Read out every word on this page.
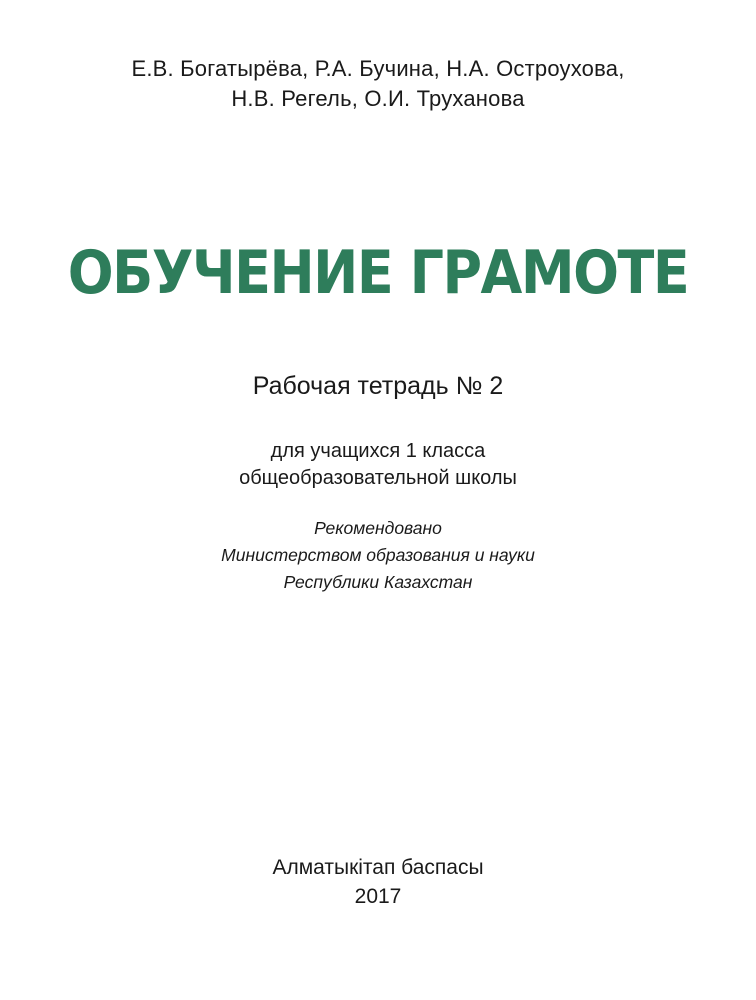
Е.В. Богатырёва, Р.А. Бучина, Н.А. Остроухова,
Н.В. Регель, О.И. Труханова
ОБУЧЕНИЕ ГРАМОТЕ
Рабочая тетрадь № 2
для учащихся 1 класса
общеобразовательной школы
Рекомендовано
Министерством образования и науки
Республики Казахстан
Алматыкітап баспасы
2017
